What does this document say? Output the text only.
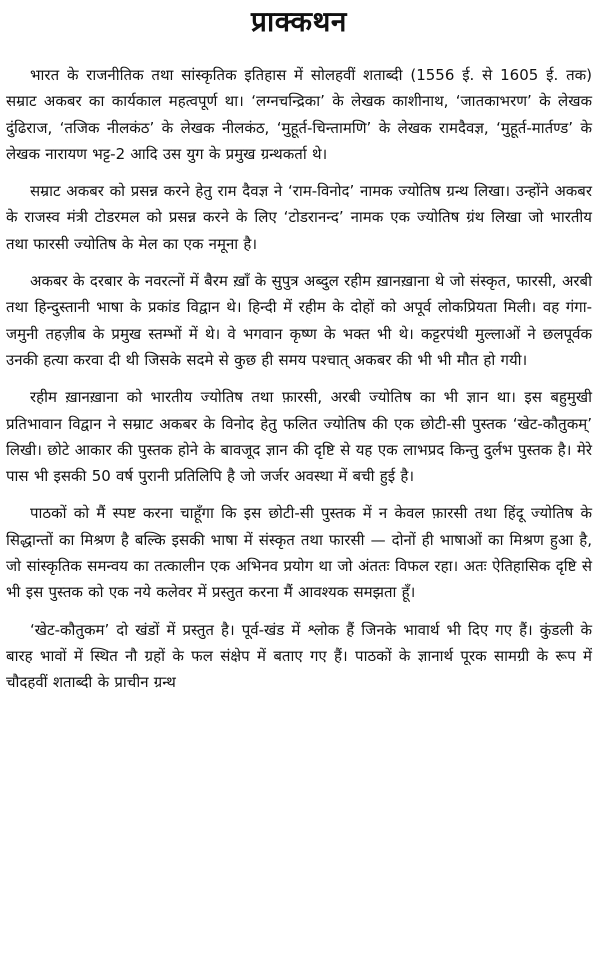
प्राक्कथन

भारत के राजनीतिक तथा सांस्कृतिक इतिहास में सोलहवीं शताब्दी (1556 ई. से 1605 ई. तक) सम्राट अकबर का कार्यकाल महत्वपूर्ण था। ‘लग्नचन्द्रिका’ के लेखक काशीनाथ, ‘जातकाभरण’ के लेखक दुंढिराज, ‘तजिक नीलकंठ’ के लेखक नीलकंठ, ‘मुहूर्त-चिन्तामणि’ के लेखक रामदैवज्ञ, ‘मुहूर्त-मार्तण्ड’ के लेखक नारायण भट्ट-2 आदि उस युग के प्रमुख ग्रन्थकर्ता थे।

सम्राट अकबर को प्रसन्न करने हेतु राम दैवज्ञ ने ‘राम-विनोद’ नामक ज्योतिष ग्रन्थ लिखा। उन्होंने अकबर के राजस्व मंत्री टोडरमल को प्रसन्न करने के लिए ‘टोडरानन्द’ नामक एक ज्योतिष ग्रंथ लिखा जो भारतीय तथा फारसी ज्योतिष के मेल का एक नमूना है।

अकबर के दरबार के नवरत्नों में बैरम ख़ाँ के सुपुत्र अब्दुल रहीम ख़ानख़ाना थे जो संस्कृत, फारसी, अरबी तथा हिन्दुस्तानी भाषा के प्रकांड विद्वान थे। हिन्दी में रहीम के दोहों को अपूर्व लोकप्रियता मिली। वह गंगा-जमुनी तहज़ीब के प्रमुख स्तम्भों में थे। वे भगवान कृष्ण के भक्त भी थे। कट्टरपंथी मुल्लाओं ने छलपूर्वक उनकी हत्या करवा दी थी जिसके सदमे से कुछ ही समय पश्चात् अकबर की भी भी मौत हो गयी।

रहीम ख़ानख़ाना को भारतीय ज्योतिष तथा फ़ारसी, अरबी ज्योतिष का भी ज्ञान था। इस बहुमुखी प्रतिभावान विद्वान ने सम्राट अकबर के विनोद हेतु फलित ज्योतिष की एक छोटी-सी पुस्तक ‘खेट-कौतुकम्’ लिखी। छोटे आकार की पुस्तक होने के बावजूद ज्ञान की दृष्टि से यह एक लाभप्रद किन्तु दुर्लभ पुस्तक है। मेरे पास भी इसकी 50 वर्ष पुरानी प्रतिलिपि है जो जर्जर अवस्था में बची हुई है।

पाठकों को मैं स्पष्ट करना चाहूँगा कि इस छोटी-सी पुस्तक में न केवल फ़ारसी तथा हिंदू ज्योतिष के सिद्धान्तों का मिश्रण है बल्कि इसकी भाषा में संस्कृत तथा फारसी — दोनों ही भाषाओं का मिश्रण हुआ है, जो सांस्कृतिक समन्वय का तत्कालीन एक अभिनव प्रयोग था जो अंततः विफल रहा। अतः ऐतिहासिक दृष्टि से भी इस पुस्तक को एक नये कलेवर में प्रस्तुत करना मैं आवश्यक समझता हूँ।

‘खेट-कौतुकम’ दो खंडों में प्रस्तुत है। पूर्व-खंड में श्लोक हैं जिनके भावार्थ भी दिए गए हैं। कुंडली के बारह भावों में स्थित नौ ग्रहों के फल संक्षेप में बताए गए हैं। पाठकों के ज्ञानार्थ पूरक सामग्री के रूप में चौदहवीं शताब्दी के प्राचीन ग्रन्थ
